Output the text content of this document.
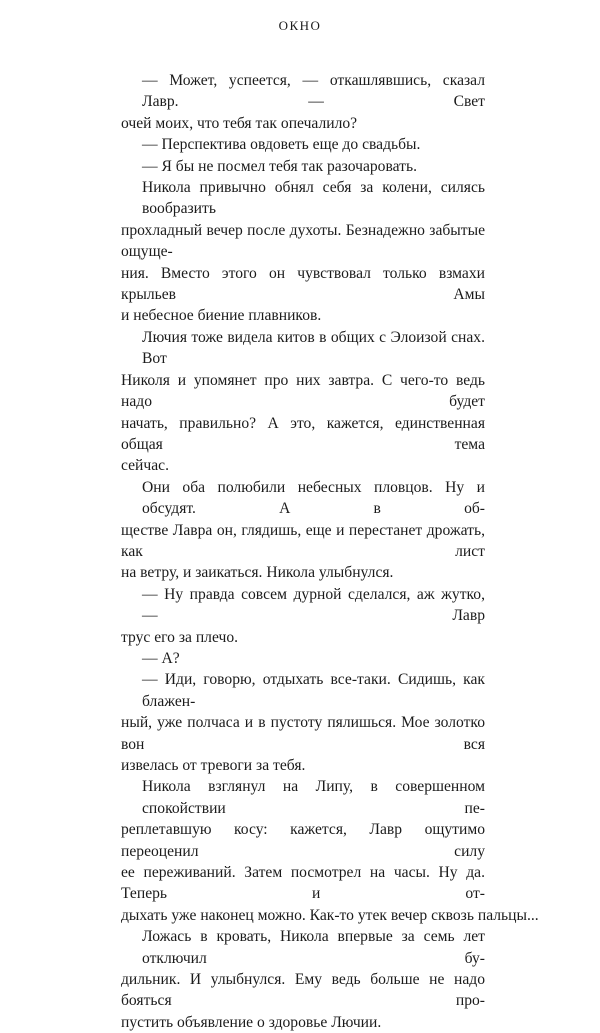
ОКНО

— Может, успеется, — откашлявшись, сказал Лавр. — Свет
очей моих, что тебя так опечалило?

— Перспектива овдоветь еще до свадьбы.

— Я бы не посмел тебя так разочаровать.

Никола привычно обнял себя за колени, силясь вообразить
прохладный вечер после духоты. Безнадежно забытые ощуще-
ния. Вместо этого он чувствовал только взмахи крыльев Амы
и небесное биение плавников.

Лючия тоже видела китов в общих с Элоизой снах. Вот
Николя и упомянет про них завтра. С чего-то ведь надо будет
начать, правильно? А это, кажется, единственная общая тема
сейчас.

Они оба полюбили небесных пловцов. Ну и обсудят. А в об-
ществе Лавра он, глядишь, еще и перестанет дрожать, как лист
на ветру, и заикаться. Никола улыбнулся.

— Ну правда совсем дурной сделался, аж жутко, — Лавр
трус его за плечо.

— А?

— Иди, говорю, отдыхать все-таки. Сидишь, как блажен-
ный, уже полчаса и в пустоту пялишься. Мое золотко вон вся
извелась от тревоги за тебя.

Никола взглянул на Липу, в совершенном спокойствии пе-
реплетавшую косу: кажется, Лавр ощутимо переоценил силу
ее переживаний. Затем посмотрел на часы. Ну да. Теперь и от-
дыхать уже наконец можно. Как-то утек вечер сквозь пальцы...

Ложась в кровать, Никола впервые за семь лет отключил бу-
дильник. И улыбнулся. Ему ведь больше не надо бояться про-
пустить объявление о здоровье Лючии.
